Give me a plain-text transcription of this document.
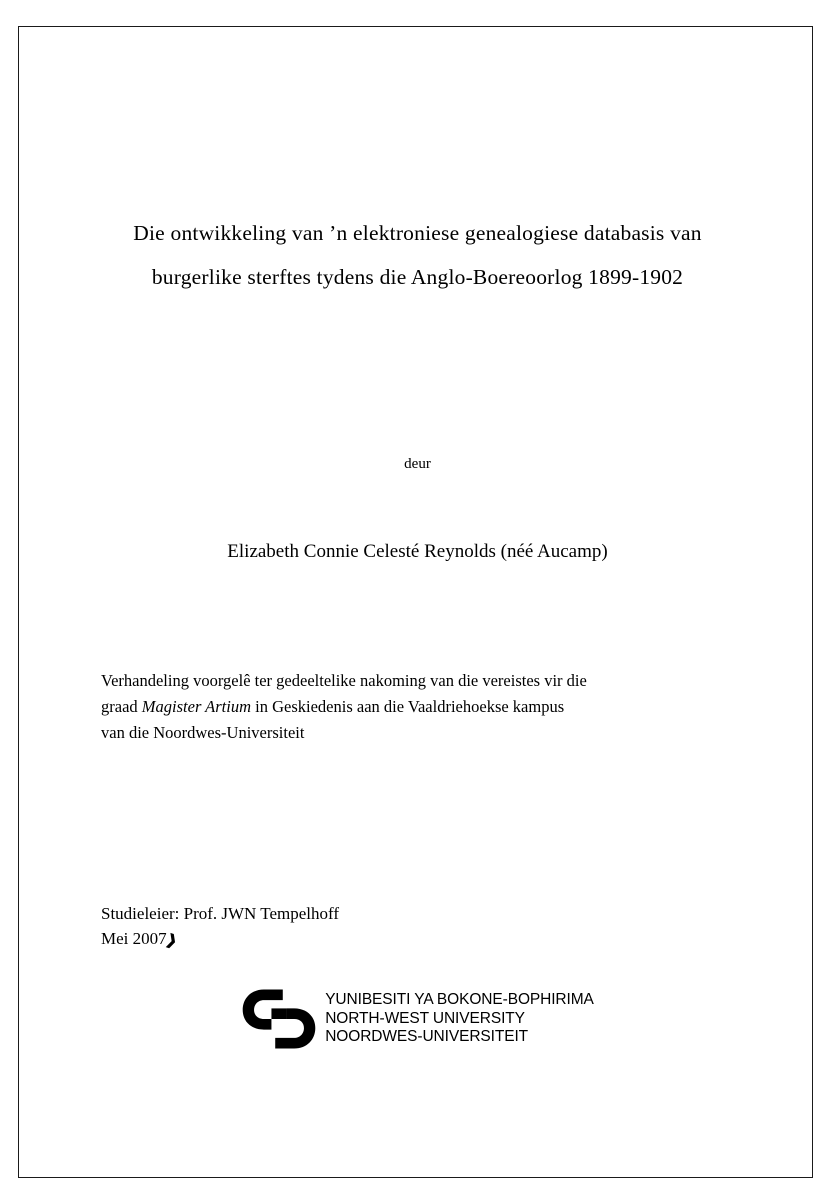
Die ontwikkeling van ’n elektroniese genealogiese databasis van
burgerlike sterftes tydens die Anglo-Boereoorlog 1899-1902
deur
Elizabeth Connie Celesté Reynolds (néé Aucamp)
Verhandeling voorgelê ter gedeeltelike nakoming van die vereistes vir die
graad Magister Artium in Geskiedenis aan die Vaaldriehoekse kampus
van die Noordwes-Universiteit
Studieleier: Prof. JWN Tempelhoff
Mei 2007❱
YUNIBESITI YA BOKONE-BOPHIRIMA
NORTH-WEST UNIVERSITY
NOORDWES-UNIVERSITEIT
